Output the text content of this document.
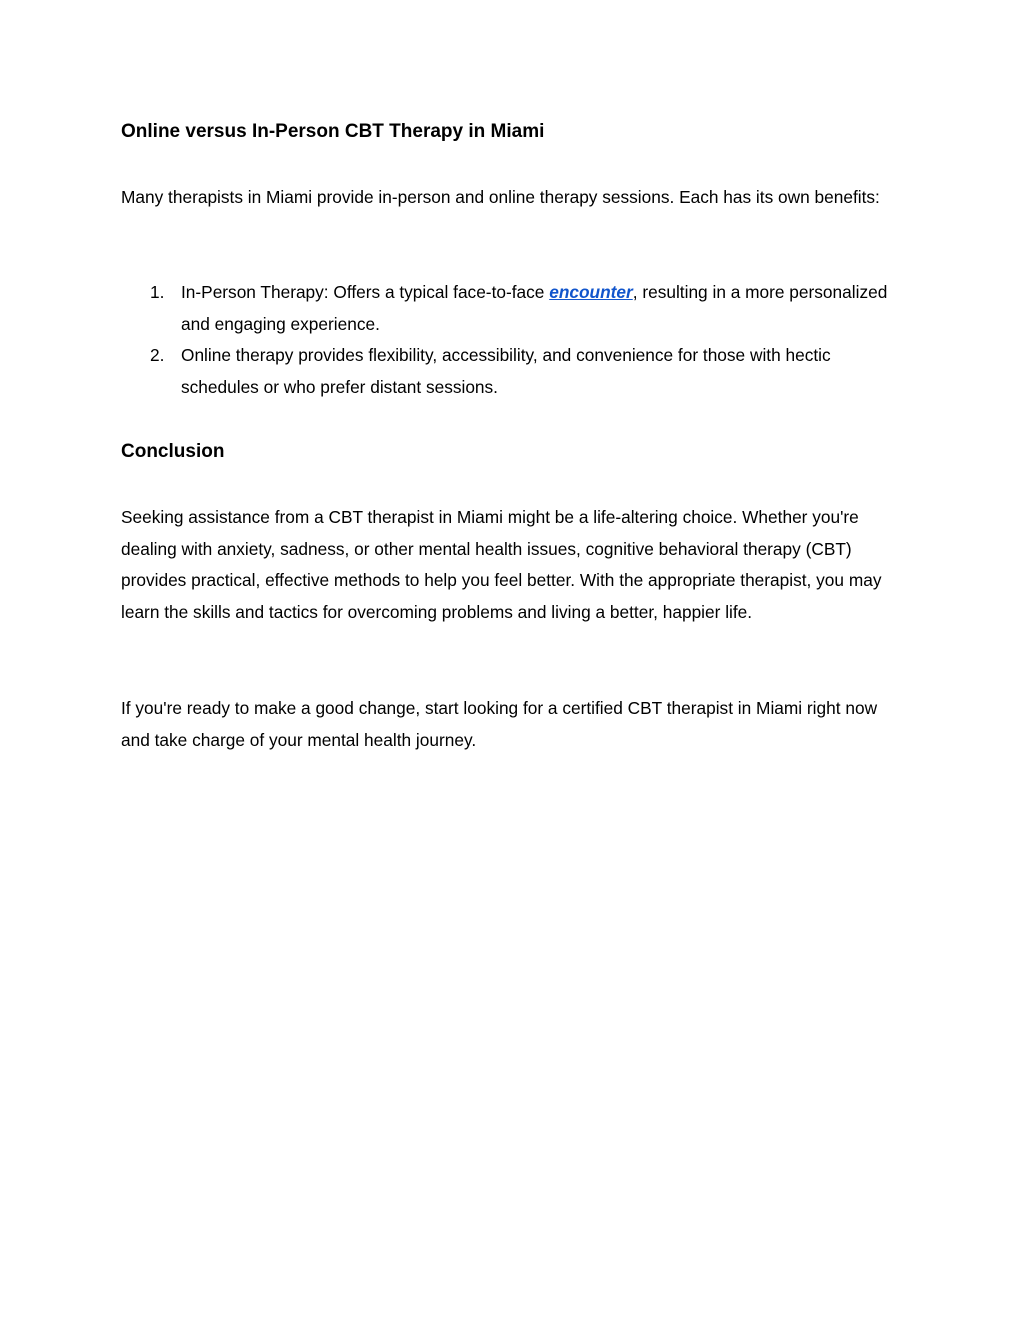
Online versus In-Person CBT Therapy in Miami

Many therapists in Miami provide in-person and online therapy sessions. Each has its own benefits:

1. In-Person Therapy: Offers a typical face-to-face encounter, resulting in a more personalized and engaging experience.
2. Online therapy provides flexibility, accessibility, and convenience for those with hectic schedules or who prefer distant sessions.
Conclusion

Seeking assistance from a CBT therapist in Miami might be a life-altering choice. Whether you're dealing with anxiety, sadness, or other mental health issues, cognitive behavioral therapy (CBT) provides practical, effective methods to help you feel better. With the appropriate therapist, you may learn the skills and tactics for overcoming problems and living a better, happier life.

If you're ready to make a good change, start looking for a certified CBT therapist in Miami right now and take charge of your mental health journey.
